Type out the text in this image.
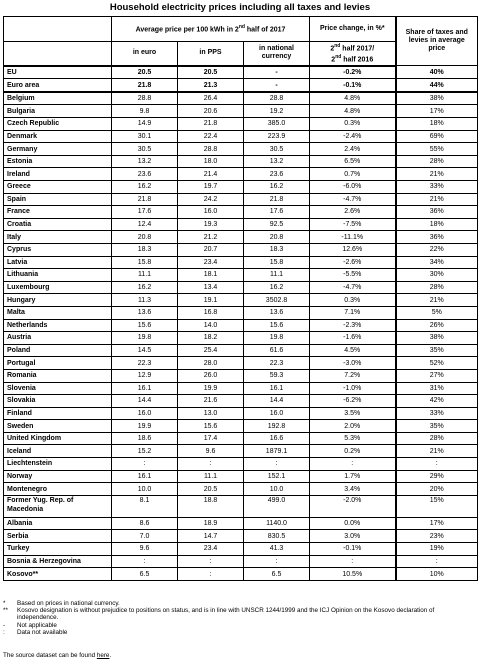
Household electricity prices including all taxes and levies
	Average price per 100 kWh in 2nd half of 2017			Price change, in %*	Share of taxes and levies in average price
	in euro	in PPS	in national currency	2nd half 2017/
2nd half 2016	
EU	20.5	20.5	-	-0.2%	40%
Euro area	21.8	21.3	-	-0.1%	44%
Belgium	28.8	26.4	28.8	4.8%	38%
Bulgaria	9.8	20.6	19.2	4.8%	17%
Czech Republic	14.9	21.8	385.0	0.3%	18%
Denmark	30.1	22.4	223.9	-2.4%	69%
Germany	30.5	28.8	30.5	2.4%	55%
Estonia	13.2	18.0	13.2	6.5%	28%
Ireland	23.6	21.4	23.6	0.7%	21%
Greece	16.2	19.7	16.2	-6.0%	33%
Spain	21.8	24.2	21.8	-4.7%	21%
France	17.6	16.0	17.6	2.6%	36%
Croatia	12.4	19.3	92.5	-7.5%	18%
Italy	20.8	21.2	20.8	-11.1%	36%
Cyprus	18.3	20.7	18.3	12.6%	22%
Latvia	15.8	23.4	15.8	-2.6%	34%
Lithuania	11.1	18.1	11.1	-5.5%	30%
Luxembourg	16.2	13.4	16.2	-4.7%	28%
Hungary	11.3	19.1	3502.8	0.3%	21%
Malta	13.6	16.8	13.6	7.1%	5%
Netherlands	15.6	14.0	15.6	-2.3%	26%
Austria	19.8	18.2	19.8	-1.6%	38%
Poland	14.5	25.4	61.6	4.5%	35%
Portugal	22.3	28.0	22.3	-3.0%	52%
Romania	12.9	26.0	59.3	7.2%	27%
Slovenia	16.1	19.9	16.1	-1.0%	31%
Slovakia	14.4	21.6	14.4	-6.2%	42%
Finland	16.0	13.0	16.0	3.5%	33%
Sweden	19.9	15.6	192.8	2.0%	35%
United Kingdom	18.6	17.4	16.6	5.3%	28%
Iceland	15.2	9.6	1879.1	0.2%	21%
Liechtenstein	:	:	:	:	:
Norway	16.1	11.1	152.1	1.7%	29%
Montenegro	10.0	20.5	10.0	3.4%	20%
Former Yug. Rep. of Macedonia	8.1	18.8	499.0	-2.0%	15%
Albania	8.6	18.9	1140.0	0.0%	17%
Serbia	7.0	14.7	830.5	3.0%	23%
Turkey	9.6	23.4	41.3	-0.1%	19%
Bosnia & Herzegovina	:	:	:	:	:
Kosovo**	6.5	:	6.5	10.5%	10%
* Based on prices in national currency.
** Kosovo designation is without prejudice to positions on status, and is in line with UNSCR 1244/1999 and the ICJ Opinion on the Kosovo declaration of independence.
- Not applicable
: Data not available
The source dataset can be found here.
